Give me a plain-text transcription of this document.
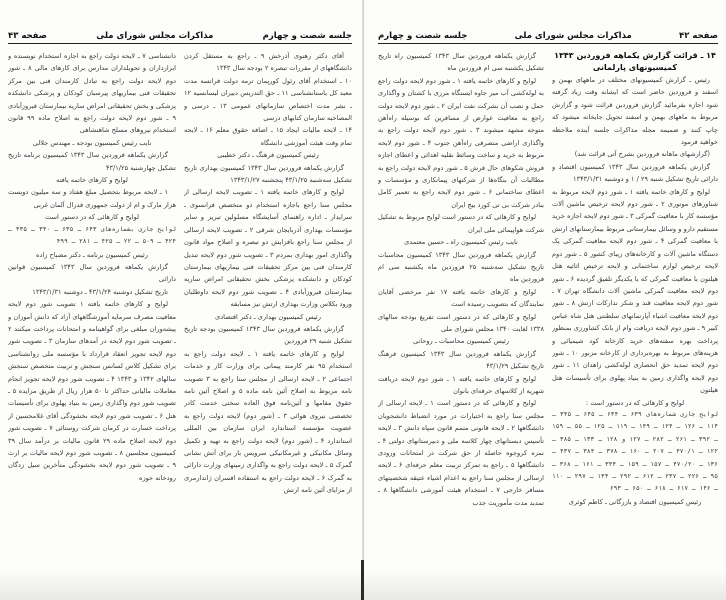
جلسه شصت و چهارم
مذاکرات مجلس شورای ملی
صفحه ۴۳

آقای دکتر رهنوی آذرخش ۹ ـ راجع به مستقل کردن دانشگاههای از مقررات تبصره ۲ بودجه سال ۱۳۴۳

۱۰ ـ استخدام آقای رئول کورپمان ترمه دولت فرانسه مدت معبد کل باستانشناسی ۱۱ ـ حق التدریس دبیران لیسانسیه ۱۲ ـ نشر مدت اختصاص سازمانهای عمومی ۱۳ ـ درسی و المصاحبه سازمان کتابهای درسی

۱۴ ـ لایحه مالیات ایجاد ۱۵ ـ اضافه حقوق معلم ۱۶ ـ لایحه تمام وقت هیئت آموزشی دانشگاه

رئیس کمیسیون فرهنگ ـ دکتر خطیبی

گزارش یکماهه فروردین سال ۱۳۴۳ کمیسیون بهداری تاریخ تشکیل سه‌شنبه ۴۳/۱/۲۵ پنجشنبه ۱۳۴۳/۱/۲۷

لوایح و کارهای خاتمه یافته ۱ ـ تصویب لایحه ارسالی از مجلس سنا راجع باجازه استخدام دو متخصص فرانسوی ـ سرایدار ـ اداره راهنمای آسایشگاه مسلولین تبریز و سایر مؤسسات بهداری آذربایجان شرقی ۲ ـ تصویب لایحه ارسالی از مجلس سنا راجع بافزایش دو تبصره و اصلاح مواد قانون واگذاری امور بهداری بمردم ۳ ـ تصویب شور دوم لایحه تبدیل کارمندان فنی بین مرکز تحقیقات فنی بیماریهای بیمارستان کودکان و دانشکده پزشکی بخش تحقیقاتی امراض ساریه بیمارستان فیروزآبادی ۴ ـ تصویب شور دوم لایحه داوطلبان ورود بکلاس وزارت بهداری ارتش نیز مسابقه

رئیس کمیسیون بهداری ـ دکتر اقتصادی

گزارش یکماهه فروردین سال ۱۳۴۳ کمیسیون بودجه تاریخ تشکیل شنبه ۲۹ فروردین

لوایح و کارهای خاتمه یافته ۱ ـ لایحه دولت راجع به استخدام ۹۵ نفر کارمند پیمانی برای وزارت کار و خدمات اجتماعی ۲ ـ لایحه ارسالی از مجلس سنا راجع به ۳ تصویب نامه مربوط به اصلاح آئین نامه ماده ۵ و اصلاح آئین نامه حقوق مقامها و آئین‌نامه فوق العاده سختی خدمت کادر تخصصی نیروی هوائی ۳ ـ (شور دوم) لایحه دولت راجع به عضویت مؤسسه استاندارد ایران سازمان بین المللی استاندارد ۴ ـ (شور دوم) لایحه دولت راجع به تهیه و تکمیل وسائل مکانیکی و غیرمکانیکی سرویس بار برای آتش نشانی گمرک ۵ ـ لایحه دولت راجع به واگذاری زمینهای وزارت دارائی به گمرک ۶ ـ لایحه دولت راجع به استفاده افسران ژاندارمری از مزایای آئین نامه ارتش

دانشناسی ۷ ـ لایحه دولت راجع به اجازه استخدام نویسنده و ابزارداران و تحویلداران مدارس برای کارهای مالی ۸ ـ شور دوم لایحه دولت راجع به تبادل کارمندان فنی بین مرکز تحقیقات فنی بیماریهای پیرسبان کودکان و پزشکی دانشکده پزشکی و بخش تحقیقاتی امراض ساریه بیمارستان فیروزآبادی ۹ ـ شور دوم لایحه دولت راجع به اصلاح ماده ۹۹ قانون استخدام نیروهای مسلح شاهنشاهی

نایب رئیس کمیسیون بودجه ـ مهندس جلالی

گزارش یکماهه فروردین سال ۱۳۴۳ کمیسیون برنامه تاریخ تشکیل چهارشنبه ۴۳/۱/۲۵

لوایح و کارهای خاتمه یافته

۱ ـ لایحه مربوط بتحصیل مبلغ هفتاد و سه میلیون دویست هزار مارک و ام از دولت جمهوری فدرال آلمان غربی

لوایح و کارهائی که در دستور است

لوایح جاری بشماره‌های ۶۴۳ ـ ۶۳۵ ـ ۳۴۰ ـ ۳۳۵ ـ ۴۲۴ ـ ۵۰۹ ـ ۲۲ ـ ۴۲۵ ـ ۲۸۱ ـ ۴۹۹

رئیس کمیسیون برنامه ـ دکتر مصباح زاده

گزارش یکماهه فروردین سال ۱۳۴۳ کمیسیون قوانین دارائی

تاریخ تشکیل دوشنبه ۴۳/۱/۲۴ ـ دوشنبه ۱۳۴۳/۱/۳۱

لوایح و کارهای خاتمه یافته ۱ تصویب شور دوم لایحه معافیت مصرف سرمایه آموزشگاههای آزاد که دانش آموزان و پیشه‌وران مبلغی برای گواهینامه و امتحانات پرداخت میکنند ۲ ـ تصویب شور دوم لایحه در آمدهای سازمان ۳ ـ تصویب شور دوم لایحه تجویز انعقاد قرارداد با مؤسسه ملی روانشناسی برای تشکیل کلاس لسانس سنجش و تربیت متخصص سنجش سالهای ۱۳۴۲ و ۱۳۴۳ ۴ ـ تصویب شور دوم لایحه تجویز انجام معاملات مالیاتی حداکثر تا ۵۰ هزار ریال از طریق مزایده ۵ ـ تصویب شور دوم واگذاری زمین به بنیاد پهلوی برای تأسیسات هتل ۶ ـ تصویب شور دوم لایحه بخشودگی آقای غلامحسین از پرداخت خسارت در کرمان شرکت روستائی ۷ ـ تصویب شور دوم لایحه اصلاح ماده ۲۹ قانون مالیات بر درآمد سال ۳۹ کمیسیون مجلسین ۸ ـ تصویب شور دوم لایحه مالیات بر ارث ۹ ـ تصویب شور دوم لایحه بخشودگی متأخرین سیل زدگان رودخانه حوزه

صفحه ۴۲
مذاکرات مجلس شورای ملی
جلسه شصت و چهارم

۱۴ ـ قرائت گزارش یکماهه فروردین ۱۳۴۳ کمیسیونهای پارلمانی

رئیس ـ گزارش کمیسیونهای مختلف در ماههای بهمن و اسفند و فروردین حاضر است که ایشانه وقت زیاد گرفته شود اجازه بفرمائید گزارش فروردین قرائت شود و گزارش مربوط به ماههای بهمن و اسفند تحویل جایخانه میشود که چاپ کنند و ضمیمه مجله مذاکرات جلسه آینده ملاحظه خواهید فرمود

(گزارشهای ماهانه فروردین بشرح آتی قرائت شد)

گزارش یکماهه فروردین سال ۱۳۴۳ کمیسیون اقتصاد و دارائی تاریخ تشکیل شنبه ۲۹ / ۱ و دوشنبه ۱۳۴۳/۱/۳۱

لوایح و کارهای خاتمه یافته ۱ ـ شور دوم لایحه مربوط به شناورهای موتوری ۲ ـ شور دوم لایحه ترخیص ماشین آلات مؤسسه کار با معافیت گمرکی ۳ ـ شور دوم لایحه اجازه خرید مستقیم دارو و وسائل بیمارستانی مربوط بیمارستانهای ارتش با معافیت گمرکی ۴ ـ شور دوم لایحه معافیت گمرکی یک دستگاه ماشین آلات و کارخانه‌های زیبای کشور ۵ ـ شور دوم لایحه ترخیص لوازم ساختمانی و لایحه ترخیص اثاثیه هتل هیلتون با معافیت گمرکی که با یکدیگر تلفیق گردیده ۶ ـ شور دوم لایحه معافیت گمرکی ماشین آلات دانشگاه تهران ۷ ـ شور دوم لایحه معافیت قند و شکر ندارکات ارتش ۸ ـ شور دوم لایحه معافیت اشیاء آپارتمانهای سلطنتی هتل شاه عباس کبیر ۹ ـ شور دوم لایحه دریافت وام از بانک کشاورزی بمنظور پرداخت بهره سفته‌های خرید کارخانه کود شیمیائی و هزینه‌های مربوط به بهره‌برداری از کارخانه مزبور ۱۰ ـ شور دوم لایحه تمدید حق انحصاری لوله‌کشی زاهدان ۱۱ ـ شور دوم لایحه واگذاری زمین به بنیاد پهلوی برای تأسیسات هتل هیلتون

لوایح و کارهائی که در دستور است :

لوایح جاری شماره‌های ۶۳۹ ـ ۶۳۴ ـ ۶۴۵ ـ ۳۴۵ ـ ۱۱۴ ـ ۱۲۶ ـ ۱۲۴ ـ ۱۴۹ ـ ۱۱۹ ـ ۱۲۵ ـ ۵۵ ـ ۱۵۹ ـ ۳۹۲ ـ ۲۶۱ ـ ۲۸۲ ـ ۱۲۷ و ۱۲۸ ـ ۱۳۳ ـ ۳۸۵ ـ ۱۲۲ ـ ۴۷۰/۱ ـ ۲۰۷ ـ ۱۶۰ ـ ۳۷۸ ـ ۳۸۴ ـ ۴۳۷ ـ ۱۳۶ ـ ۴۷۰/۲۰ ـ ۱۵۷ ـ ۱۵۹ ـ ۳۴۴ ـ ۱۶۱ ـ ۳۶۸ ـ ۹۵ ـ ۲۲۶ ـ ۲۳۷ ـ ۶۱۲ ـ ۲۹۲ ـ ۱۳۴ ـ ۲۹۷ ـ ۱۱۰ ـ ۱۴۶ ـ ۶۱۷ ـ ۶۱۸ ـ ۶۵۰ ـ ۶۹۳

رئیس کمیسیون اقتصاد و بازرگانی ـ کاظم کوثری

گزارش یکماهه فروردین سال ۱۳۴۳ کمیسیون راه تاریخ تشکیل یکشنبه سی ام فروردین ماه

لوایح و کارهای خاتمه یافته ۱ ـ شور دوم لایحه دولت راجع به لوله‌کشی آب میر جاوه ایستگاه مرزی با کشتان و واگذاری حمل و نصب آن بشرکت نفت ایران ۲ ـ شور دوم لایحه دولت راجع به معافیت عوارض از مسافرین که بوسیله راه‌آهن متوجه مشهد میشوند ۳ ـ شور دوم لایحه دولت راجع به واگذاری اراضی متصرفی راه‌آهن جنوب ۴ ـ شور دوم لایحه مربوط به خرید و ساخت وسائط نقلیه اهدائی و اعطای اجازه فروش شکوهای حال فرش ۵ ـ شور دوم لایحه دولت راجع به مطالبات آن بنگاه‌ها از شرکتهای پیمانکاری و مؤسسات و اعطای ساختمانی ۶ ـ شور دوم لایحه راجع به تعمیر کامل بنادر شرکت بی تی کورد بیج ایران

لوایح و کارهائی که در دستور است لوایح مربوط به تشکیل شرکت هواپیمائی ملی ایران

نایب رئیس کمیسیون راه ـ حسین معتمدی

گزارش یکماهه فروردین سال ۱۳۴۳ کمیسیون محاسبات تاریخ تشکیل سه‌شنبه ۲۵ فروردین ماه یکشنبه سی ام فروردین ماه

لوایح و کارهای خاتمه یافته ۱۷ نفر مرخصی آقایان نمایندگان که بتصویب رسیده است

لوایح و کارهائی که در دستور است تفریغ بودجه سالهای ۱۳۳۸ لغایت ۱۳۴۰ مجلس شورای ملی

رئیس کمیسیون محاسبات ـ روحانی

گزارش یکماهه فروردین سال ۱۳۴۳ کمیسیون فرهنگ تاریخ تشکیل ۴۳/۱/۲۹

لوایح و کارهای خاتمه یافته ۱ ـ شور دوم لایحه دریافت شهریه از کلاسهای حرفه‌ای بانوان

لوایح و کارهائی که در دستور است ۱ ـ لایحه ارسالی از مجلس سنا راجع به اختیارات در مورد انضباط دانشجویان دانشگاهها ۲ ـ لایحه قانونی متمم قانون سپاه دانش ۳ ـ لایحه تأسیس دبستانهای چهار کلاسه ملی و دبیرستانهای دولتی ۴ ـ نمره کروجوه حاصله از حق شرکت در امتحانات ورودی دانشگاهها ۵ ـ راجع به تمرکز تربیت معلم حرفه‌ای ۶ ـ لایحه ارسالی از مجلس سنا راجع به اعدام اشیاء عتیقه شخصیتهای مسافر خارجی ۷ ـ استخدام هیئت آموزشی دانشگاهها ۸ ـ تمدید مدت مأموریت جذب
